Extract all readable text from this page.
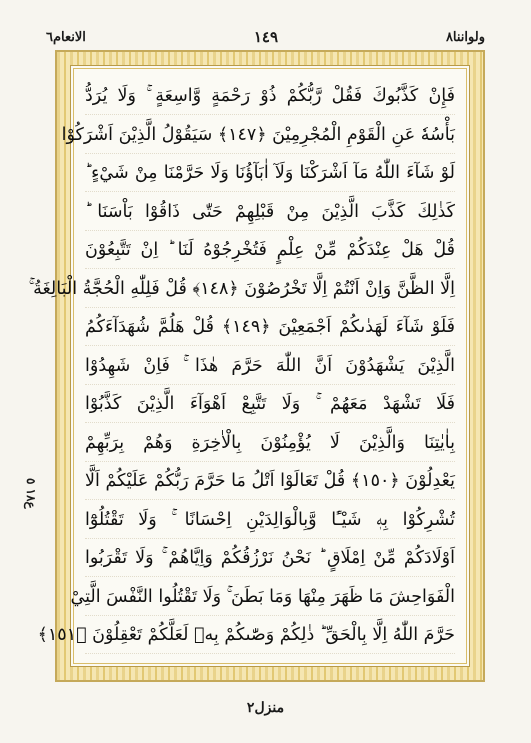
ولواننا٨
١٤٩
الانعام٦
فَإِنْ كَذَّبُوكَ فَقُلْ رَّبُّكُمْ ذُوْ رَحْمَةٍ وَّاسِعَةٍ ۚ وَلَا يُرَدُّ
بَأْسُهٗ عَنِ الْقَوْمِ الْمُجْرِمِيْنَ ﴿١٤٧﴾ سَيَقُوْلُ الَّذِيْنَ اَشْرَكُوْا
لَوْ شَآءَ اللّٰهُ مَآ اَشْرَكْنَا وَلَآ اٰبَآؤُنَا وَلَا حَرَّمْنَا مِنْ شَيْءٍ ؕ
كَذٰلِكَ كَذَّبَ الَّذِيْنَ مِنْ قَبْلِهِمْ حَتّٰى ذَاقُوْا بَاْسَنَا ؕ
قُلْ هَلْ عِنْدَكُمْ مِّنْ عِلْمٍ فَتُخْرِجُوْهُ لَنَا ؕ اِنْ تَتَّبِعُوْنَ
اِلَّا الظَّنَّ وَاِنْ اَنْتُمْ اِلَّا تَخْرُصُوْنَ ﴿١٤٨﴾ قُلْ فَلِلّٰهِ الْحُجَّةُ الْبَالِغَةُ ۚ
فَلَوْ شَآءَ لَهَدٰىكُمْ اَجْمَعِيْنَ ﴿١٤٩﴾ قُلْ هَلُمَّ شُهَدَآءَكُمُ
الَّذِيْنَ يَشْهَدُوْنَ اَنَّ اللّٰهَ حَرَّمَ هٰذَا ۚ فَاِنْ شَهِدُوْا
فَلَا تَشْهَدْ مَعَهُمْ ۚ وَلَا تَتَّبِعْ اَهْوَآءَ الَّذِيْنَ كَذَّبُوْا
بِاٰيٰتِنَا وَالَّذِيْنَ لَا يُؤْمِنُوْنَ بِالْاٰخِرَةِ وَهُمْ بِرَبِّهِمْ
يَعْدِلُوْنَ ﴿١٥٠﴾ قُلْ تَعَالَوْا اَتْلُ مَا حَرَّمَ رَبُّكُمْ عَلَيْكُمْ اَلَّا
تُشْرِكُوْا بِهٖ شَيْـًٔا وَّبِالْوَالِدَيْنِ اِحْسَانًا ۚ وَلَا تَقْتُلُوْٓا
اَوْلَادَكُمْ مِّنْ اِمْلَاقٍ ؕ نَحْنُ نَرْزُقُكُمْ وَاِيَّاهُمْ ۚ وَلَا تَقْرَبُوا
الْفَوَاحِشَ مَا ظَهَرَ مِنْهَا وَمَا بَطَنَ ۚ وَلَا تَقْتُلُوا النَّفْسَ الَّتِيْ
حَرَّمَ اللّٰهُ اِلَّا بِالْحَقِّ ؕ ذٰلِكُمْ وَصّٰىكُمْ بِهٖ لَعَلَّكُمْ تَعْقِلُوْنَ ﴿١٥١﴾
ع١٨ ٥
منزل٢
